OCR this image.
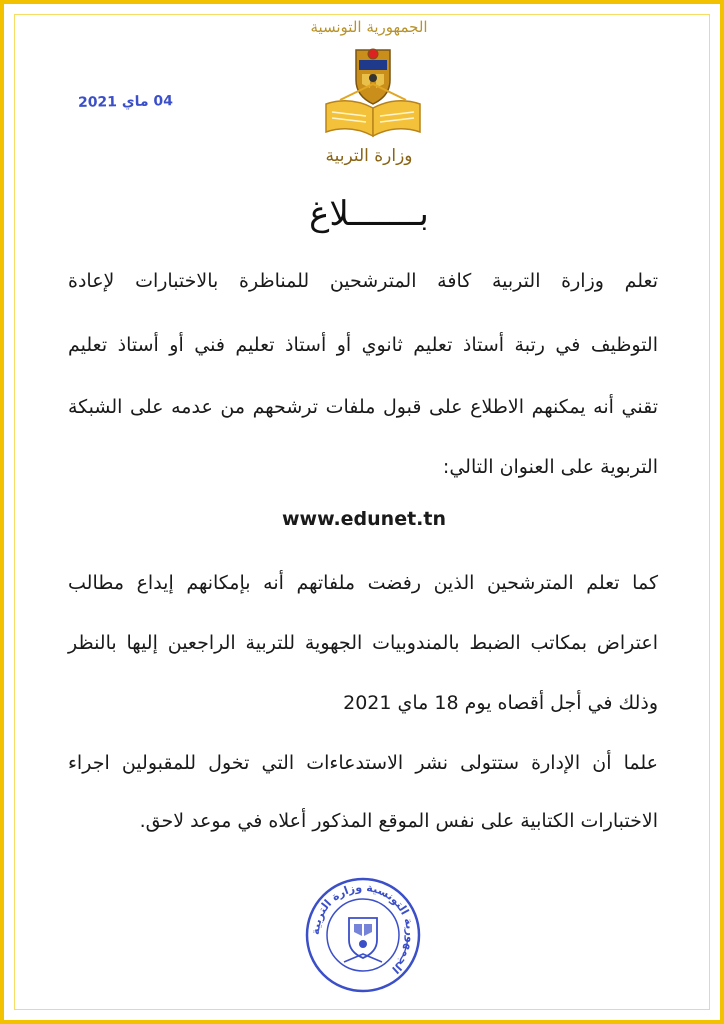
04 ماي 2021
الجمهورية التونسية
وزارة التربية
بـــــــلاغ
تعلم وزارة التربية كافة المترشحين للمناظرة بالاختبارات لإعادة
التوظيف في رتبة أستاذ تعليم ثانوي أو أستاذ تعليم فني أو أستاذ تعليم
تقني أنه يمكنهم الاطلاع على قبول ملفات ترشحهم من عدمه على الشبكة
التربوية على العنوان التالي:
www.edunet.tn
كما تعلم المترشحين الذين رفضت ملفاتهم أنه بإمكانهم إيداع مطالب
اعتراض بمكاتب الضبط بالمندوبيات الجهوية للتربية الراجعين إليها بالنظر
وذلك في أجل أقصاه يوم 18 ماي 2021
علما أن الإدارة ستتولى نشر الاستدعاءات التي تخول للمقبولين اجراء
الاختبارات الكتابية على نفس الموقع المذكور أعلاه في موعد لاحق.
الجمهورية التونسية وزارة التربية
